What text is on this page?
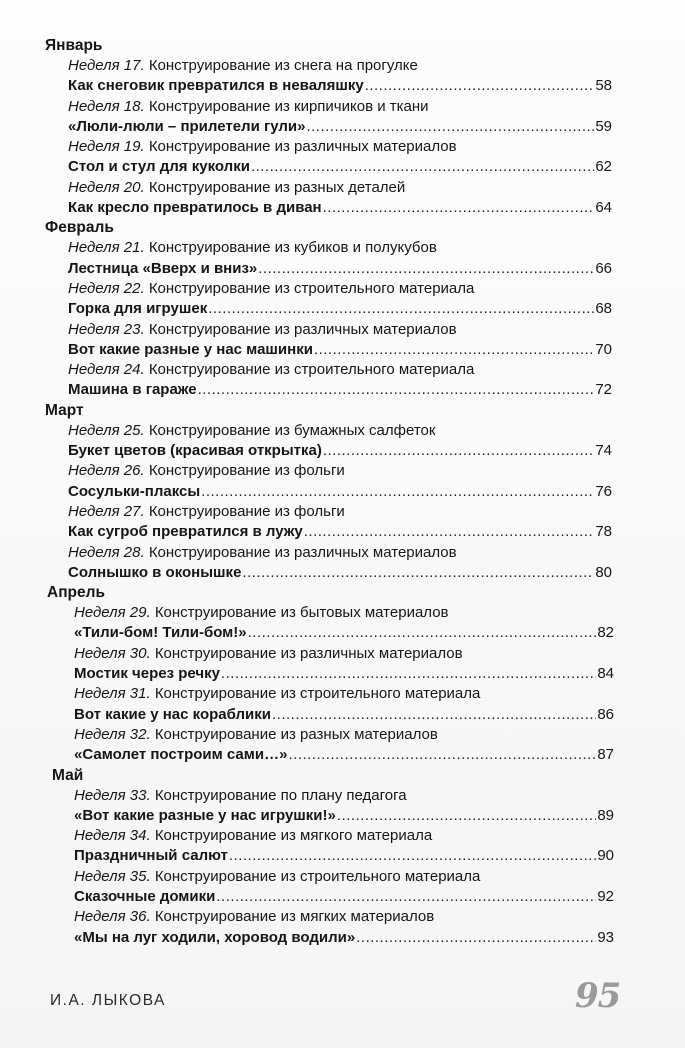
Январь
Неделя 17. Конструирование из снега на прогулке
Как снеговик превратился в неваляшку .....	58
Неделя 18. Конструирование из кирпичиков и ткани
«Люли-люли – прилетели гули» .....	59
Неделя 19. Конструирование из различных материалов
Стол и стул для куколки .....	62
Неделя 20. Конструирование из разных деталей
Как кресло превратилось в диван .....	64
Февраль
Неделя 21. Конструирование из кубиков и полукубов
Лестница «Вверх и вниз» .....	66
Неделя 22. Конструирование из строительного материала
Горка для игрушек .....	68
Неделя 23. Конструирование из различных материалов
Вот какие разные у нас машинки .....	70
Неделя 24. Конструирование из строительного материала
Машина в гараже .....	72
Март
Неделя 25. Конструирование из бумажных салфеток
Букет цветов (красивая открытка) .....	74
Неделя 26. Конструирование из фольги
Сосульки-плаксы .....	76
Неделя 27. Конструирование из фольги
Как сугроб превратился в лужу .....	78
Неделя 28. Конструирование из различных материалов
Солнышко в оконышке .....	80
Апрель
Неделя 29. Конструирование из бытовых материалов
«Тили-бом! Тили-бом!» .....	82
Неделя 30. Конструирование из различных материалов
Мостик через речку .....	84
Неделя 31. Конструирование из строительного материала
Вот какие у нас кораблики .....	86
Неделя 32. Конструирование из разных материалов
«Самолет построим сами…» .....	87
Май
Неделя 33. Конструирование по плану педагога
«Вот какие разные у нас игрушки!» .....	89
Неделя 34. Конструирование из мягкого материала
Праздничный салют .....	90
Неделя 35. Конструирование из строительного материала
Сказочные домики .....	92
Неделя 36. Конструирование из мягких материалов
«Мы на луг ходили, хоровод водили» .....	93
И.А. ЛЫКОВА	95
